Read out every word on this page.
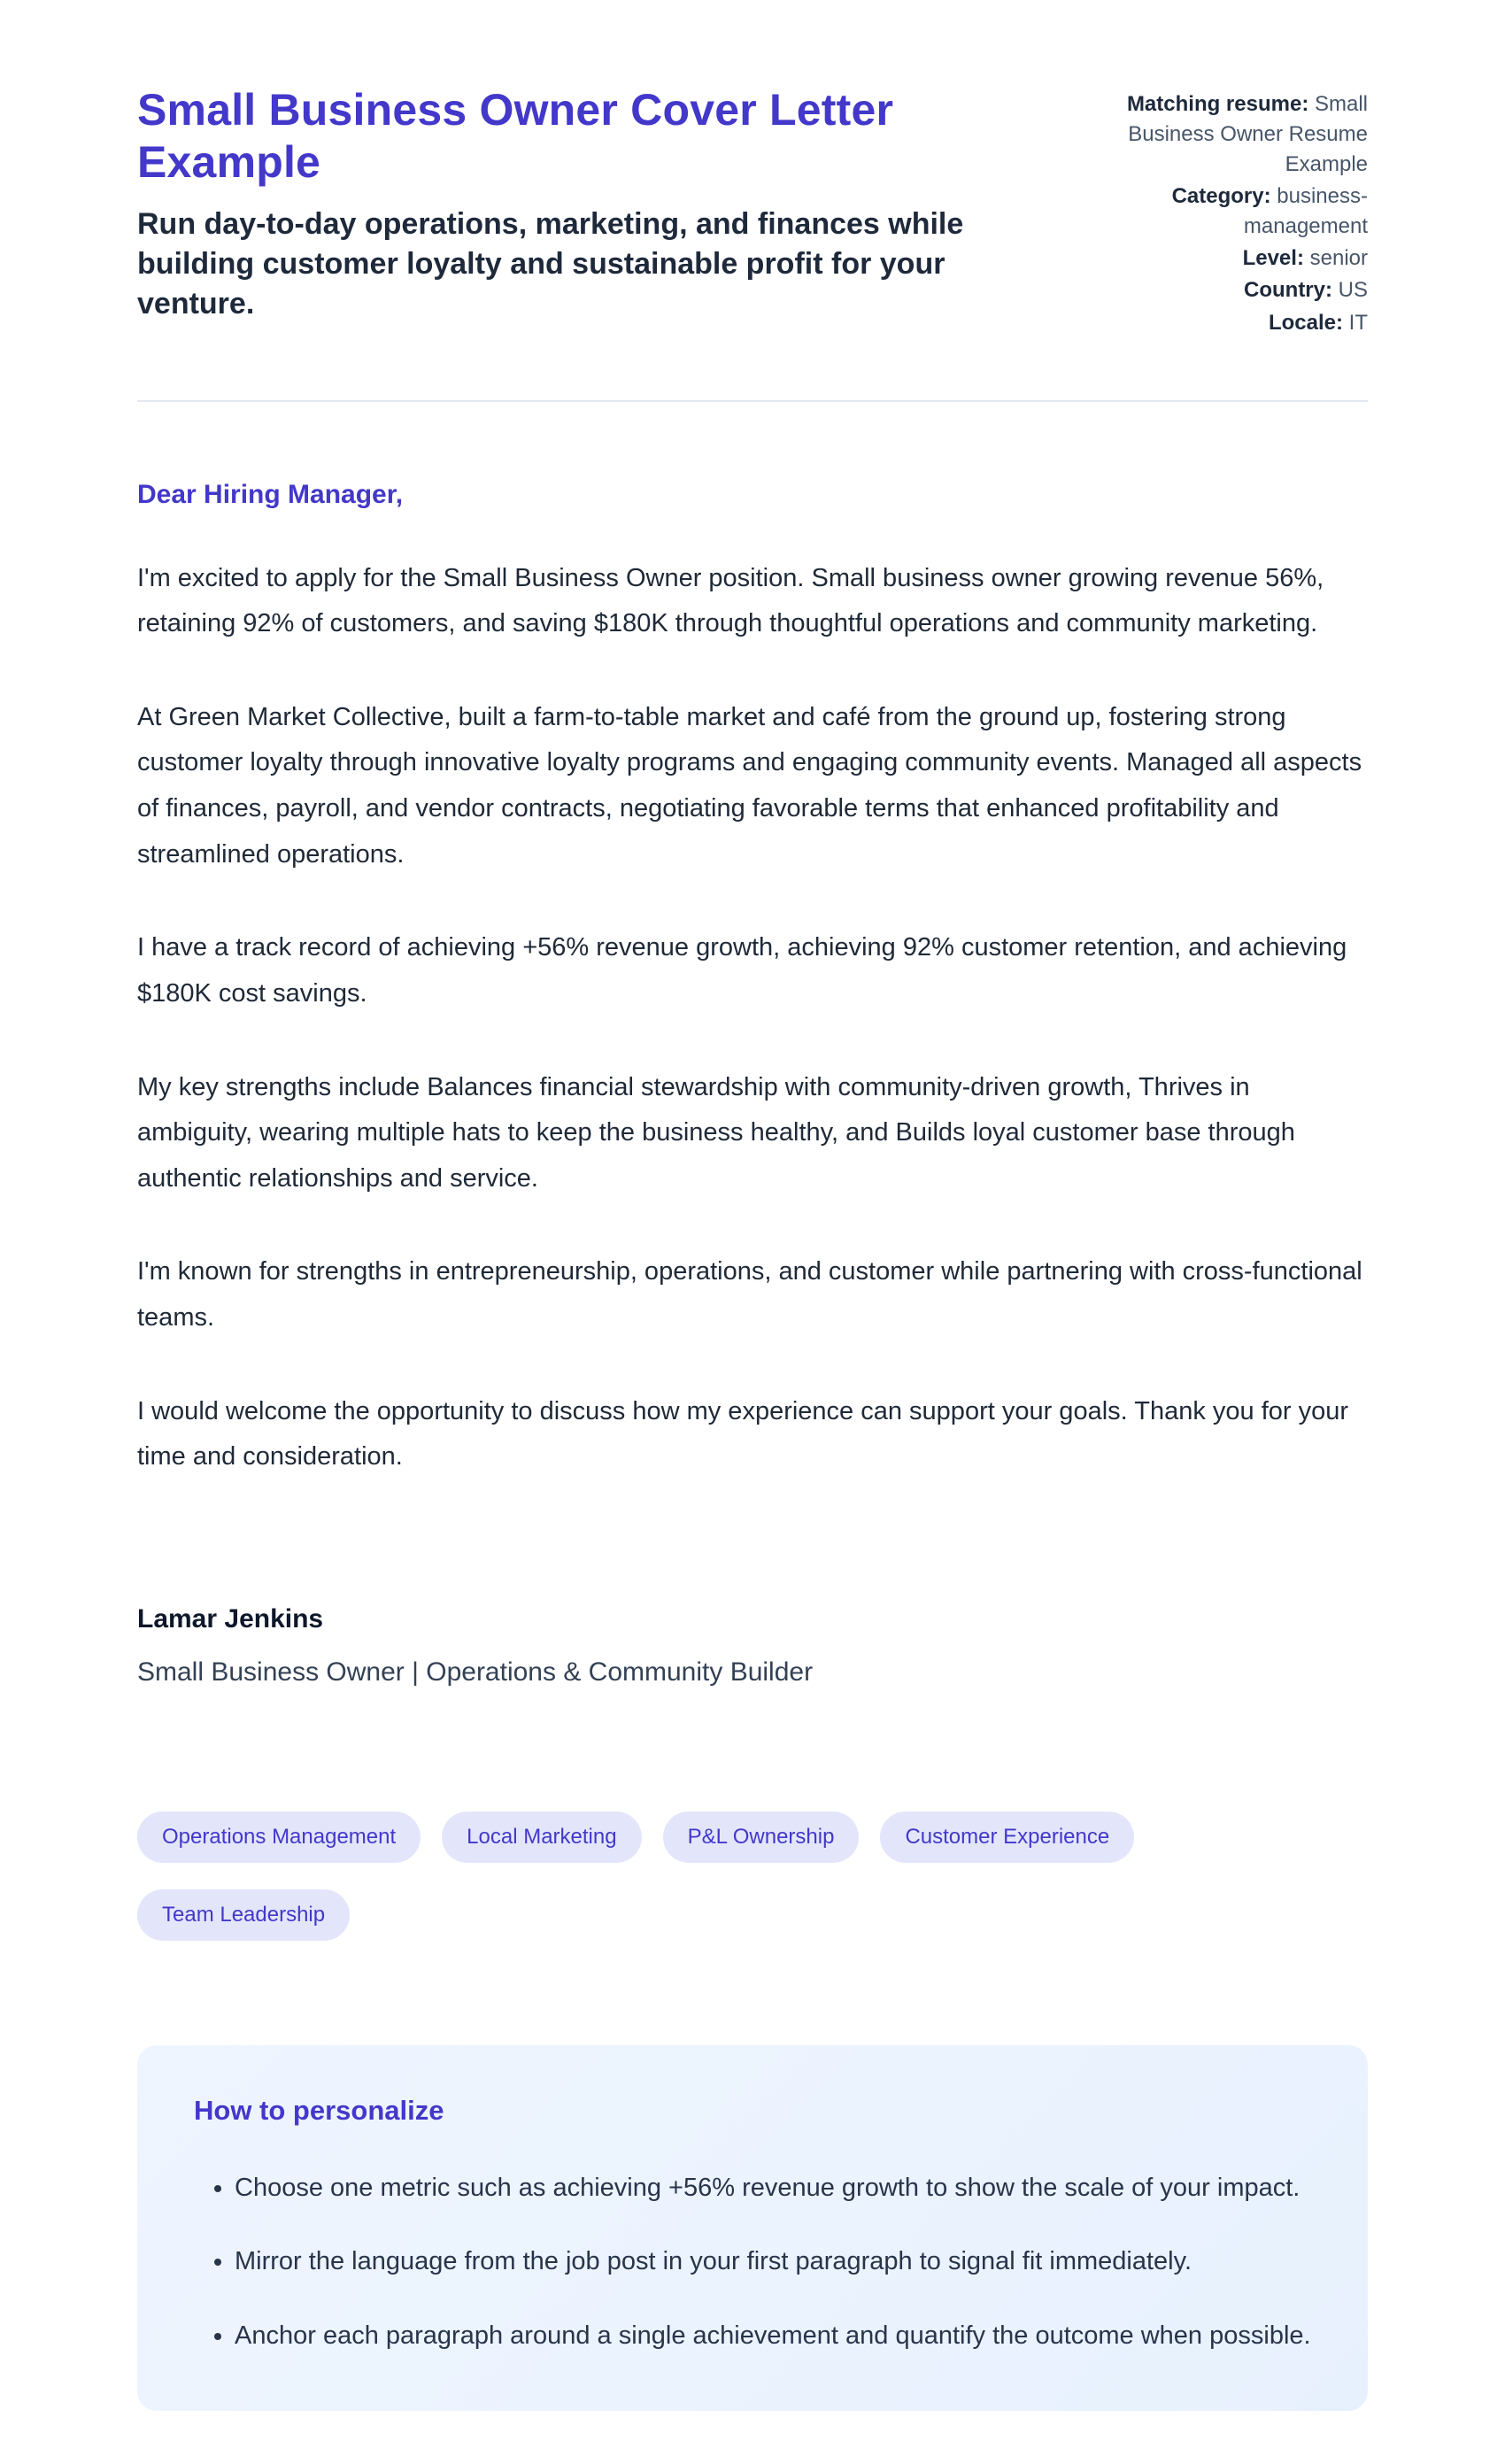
Small Business Owner Cover Letter Example

Run day-to-day operations, marketing, and finances while building customer loyalty and sustainable profit for your venture.

Matching resume: Small Business Owner Resume Example
Category: business-management
Level: senior
Country: US
Locale: IT

Dear Hiring Manager,

I'm excited to apply for the Small Business Owner position. Small business owner growing revenue 56%, retaining 92% of customers, and saving $180K through thoughtful operations and community marketing.

At Green Market Collective, built a farm-to-table market and café from the ground up, fostering strong customer loyalty through innovative loyalty programs and engaging community events. Managed all aspects of finances, payroll, and vendor contracts, negotiating favorable terms that enhanced profitability and streamlined operations.

I have a track record of achieving +56% revenue growth, achieving 92% customer retention, and achieving $180K cost savings.

My key strengths include Balances financial stewardship with community-driven growth, Thrives in ambiguity, wearing multiple hats to keep the business healthy, and Builds loyal customer base through authentic relationships and service.

I'm known for strengths in entrepreneurship, operations, and customer while partnering with cross-functional teams.

I would welcome the opportunity to discuss how my experience can support your goals. Thank you for your time and consideration.

Lamar Jenkins

Small Business Owner | Operations & Community Builder

Operations Management	Local Marketing	P&L Ownership	Customer Experience
Team Leadership
How to personalize
• Choose one metric such as achieving +56% revenue growth to show the scale of your impact.
• Mirror the language from the job post in your first paragraph to signal fit immediately.
• Anchor each paragraph around a single achievement and quantify the outcome when possible.
